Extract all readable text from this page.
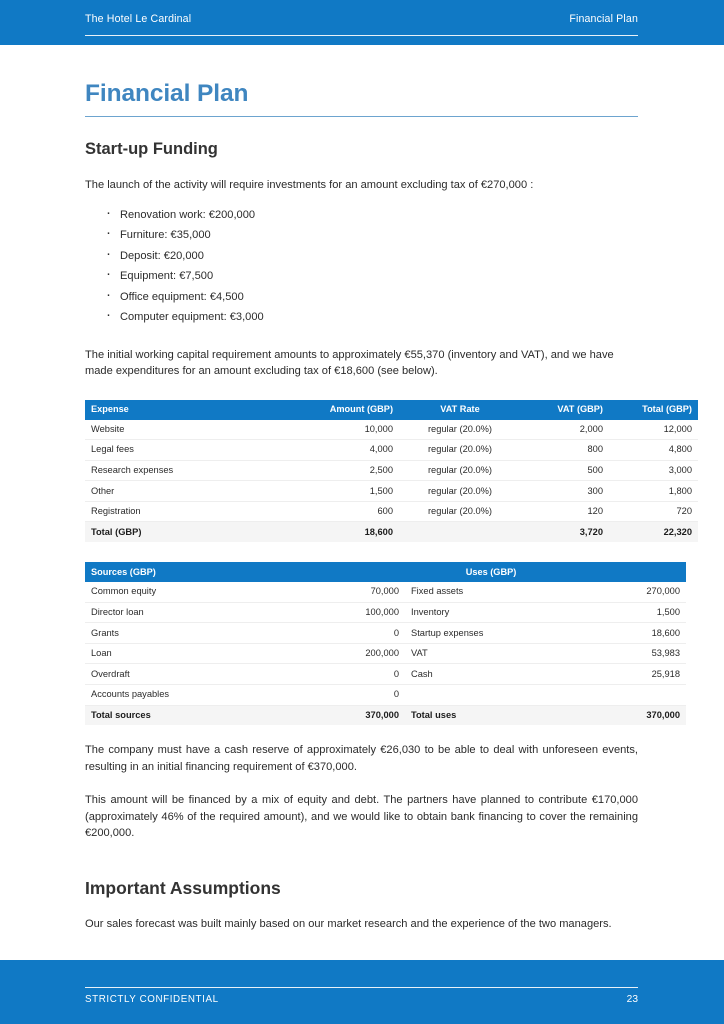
The Hotel Le Cardinal	Financial Plan
Financial Plan
Start-up Funding

The launch of the activity will require investments for an amount excluding tax of €270,000 :

· Renovation work: €200,000
· Furniture: €35,000
· Deposit: €20,000
· Equipment: €7,500
· Office equipment: €4,500
· Computer equipment: €3,000

The initial working capital requirement amounts to approximately €55,370 (inventory and VAT), and we have made expenditures for an amount excluding tax of €18,600 (see below).

Expense	Amount (GBP)	VAT Rate	VAT (GBP)	Total (GBP)
Website	10,000	regular (20.0%)	2,000	12,000
Legal fees	4,000	regular (20.0%)	800	4,800
Research expenses	2,500	regular (20.0%)	500	3,000
Other	1,500	regular (20.0%)	300	1,800
Registration	600	regular (20.0%)	120	720
Total (GBP)	18,600		3,720	22,320
Sources (GBP)		Uses (GBP)	
Common equity	70,000	Fixed assets	270,000
Director loan	100,000	Inventory	1,500
Grants	0	Startup expenses	18,600
Loan	200,000	VAT	53,983
Overdraft	0	Cash	25,918
Accounts payables	0		
Total sources	370,000	Total uses	370,000

The company must have a cash reserve of approximately €26,030 to be able to deal with unforeseen events, resulting in an initial financing requirement of €370,000.

This amount will be financed by a mix of equity and debt. The partners have planned to contribute €170,000 (approximately 46% of the required amount), and we would like to obtain bank financing to cover the remaining €200,000.

Important Assumptions

Our sales forecast was built mainly based on our market research and the experience of the two managers.

STRICTLY CONFIDENTIAL	23
